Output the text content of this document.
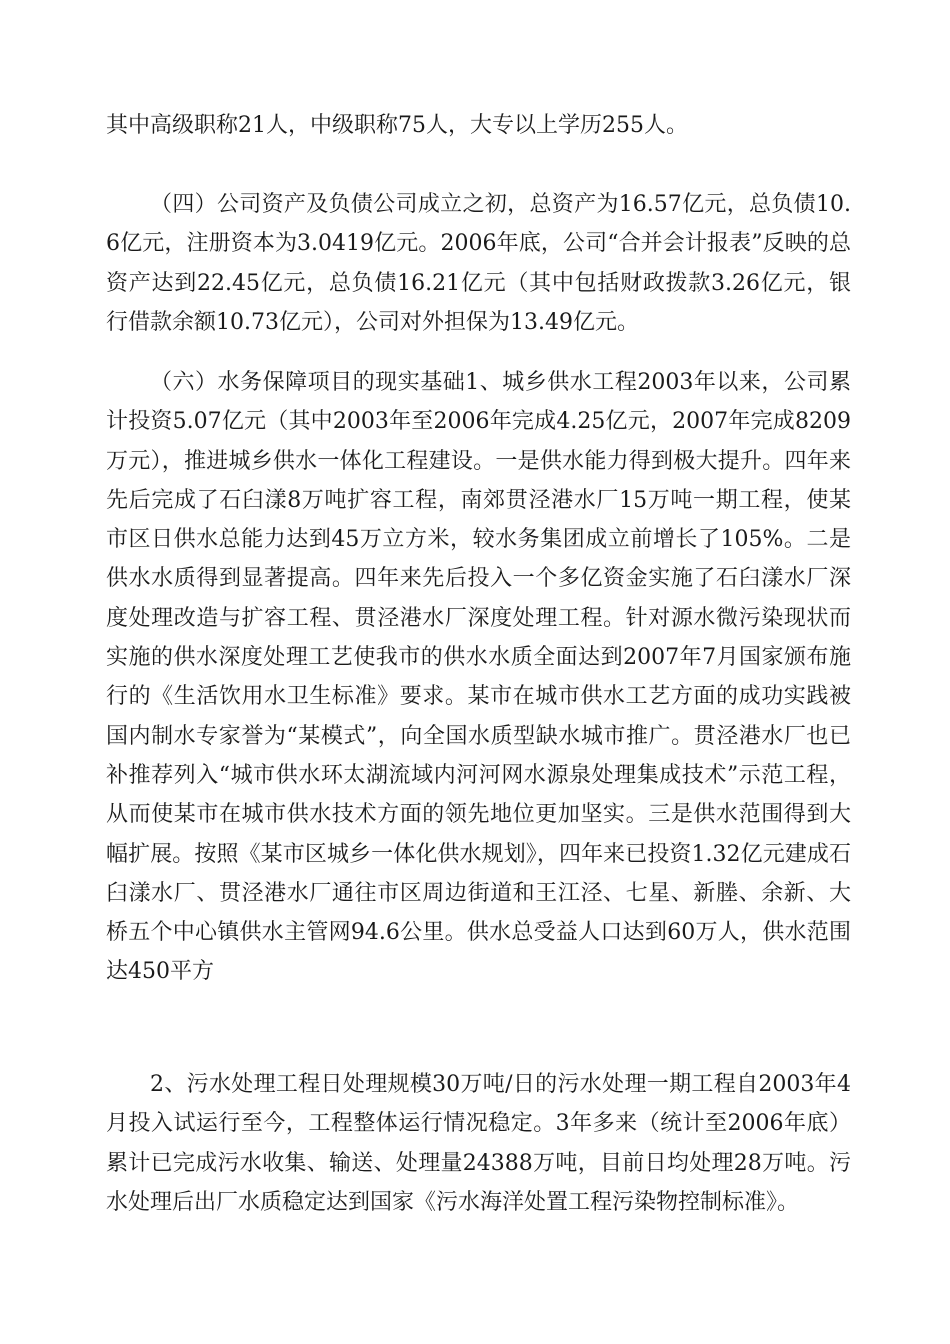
其中高级职称21人，中级职称75人，大专以上学历255人。

（四）公司资产及负债公司成立之初，总资产为16.57亿元，总负债10.6亿元，注册资本为3.0419亿元。2006年底，公司“合并会计报表”反映的总资产达到22.45亿元，总负债16.21亿元（其中包括财政拨款3.26亿元，银行借款余额10.73亿元），公司对外担保为13.49亿元。

（六）水务保障项目的现实基础1、城乡供水工程2003年以来，公司累计投资5.07亿元（其中2003年至2006年完成4.25亿元，2007年完成8209万元），推进城乡供水一体化工程建设。一是供水能力得到极大提升。四年来先后完成了石臼漾8万吨扩容工程，南郊贯泾港水厂15万吨一期工程，使某市区日供水总能力达到45万立方米，较水务集团成立前增长了105%。二是供水水质得到显著提高。四年来先后投入一个多亿资金实施了石臼漾水厂深度处理改造与扩容工程、贯泾港水厂深度处理工程。针对源水微污染现状而实施的供水深度处理工艺使我市的供水水质全面达到2007年7月国家颁布施行的《生活饮用水卫生标准》要求。某市在城市供水工艺方面的成功实践被国内制水专家誉为“某模式”，向全国水质型缺水城市推广。贯泾港水厂也已补推荐列入“城市供水环太湖流域内河河网水源泉处理集成技术”示范工程，从而使某市在城市供水技术方面的领先地位更加坚实。三是供水范围得到大幅扩展。按照《某市区城乡一体化供水规划》，四年来已投资1.32亿元建成石臼漾水厂、贯泾港水厂通往市区周边街道和王江泾、七星、新塍、余新、大桥五个中心镇供水主管网94.6公里。供水总受益人口达到60万人，供水范围达450平方

2、污水处理工程日处理规模30万吨/日的污水处理一期工程自2003年4月投入试运行至今，工程整体运行情况稳定。3年多来（统计至2006年底）累计已完成污水收集、输送、处理量24388万吨，目前日均处理28万吨。污水处理后出厂水质稳定达到国家《污水海洋处置工程污染物控制标准》。
